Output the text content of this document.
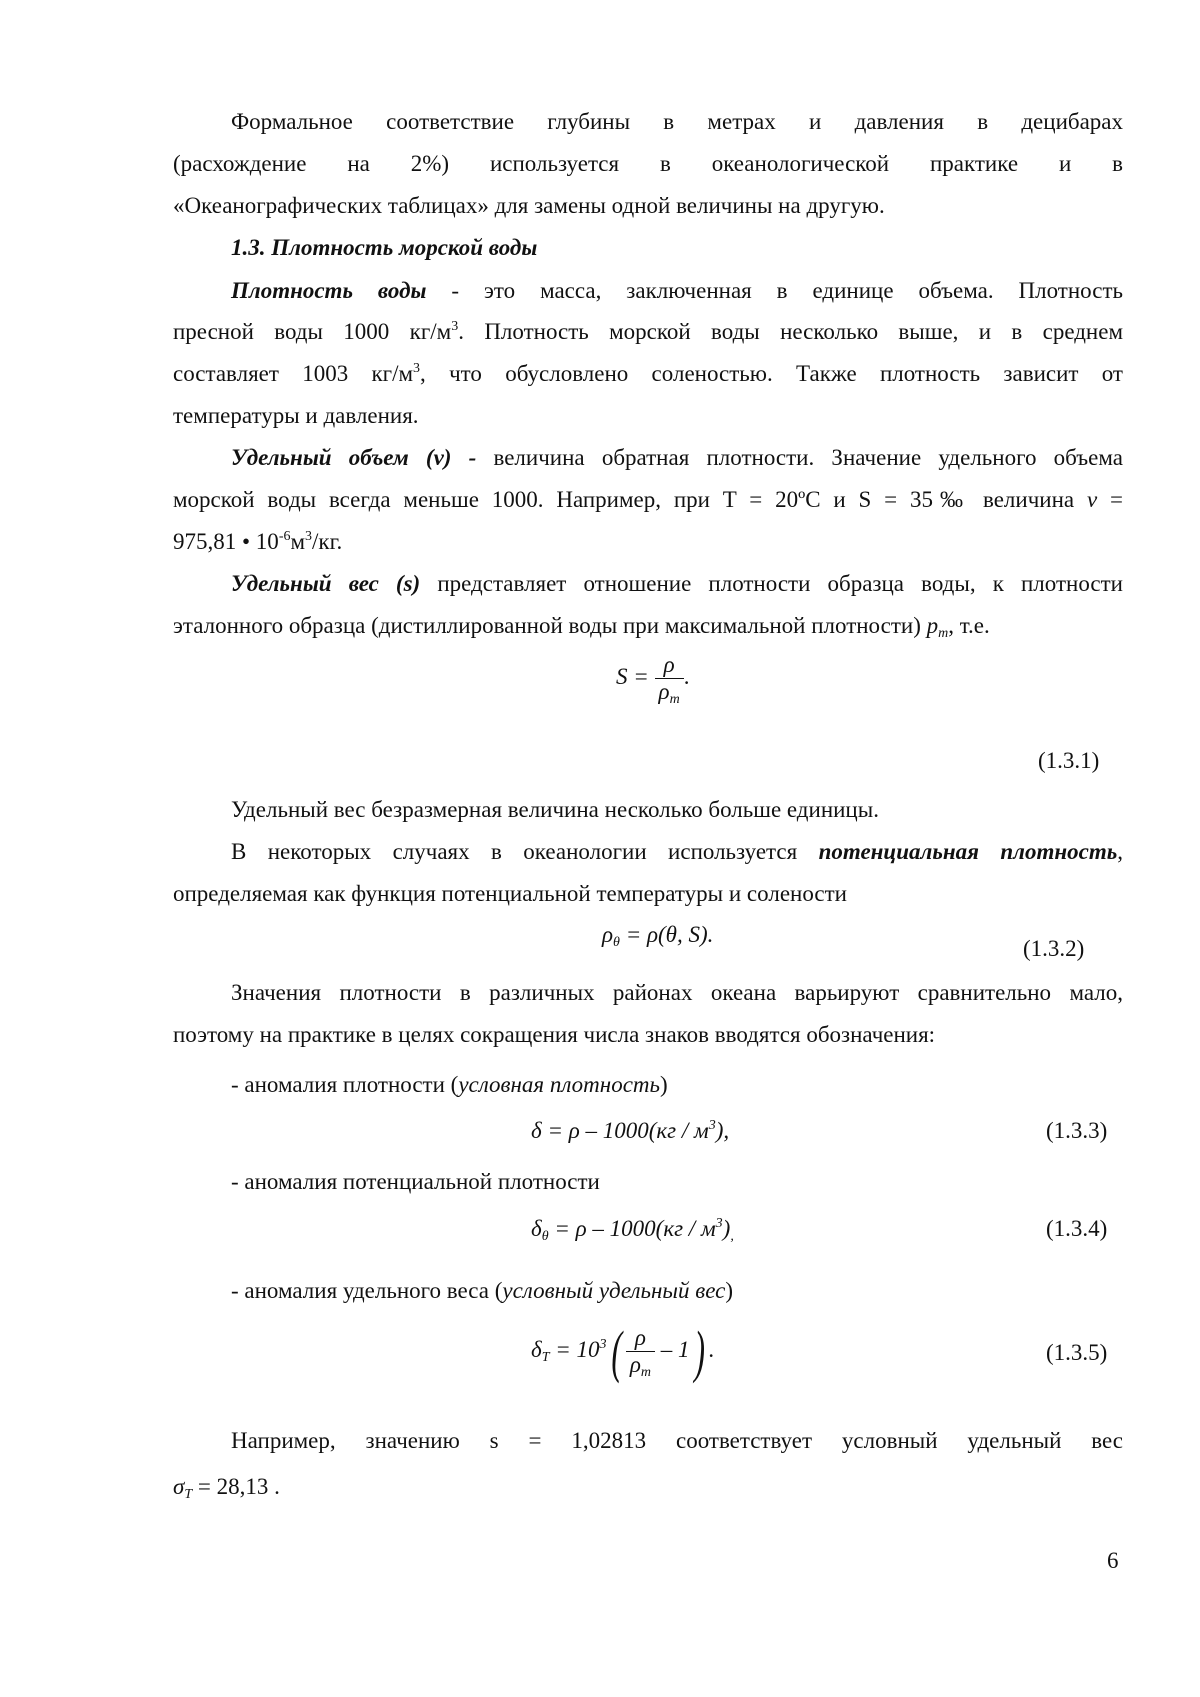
Формальное соответствие глубины в метрах и давления в децибарах
(расхождение на 2%) используется в океанологической практике и в
«Океанографических таблицах» для замены одной величины на другую.
1.3. Плотность морской воды
Плотность воды - это масса, заключенная в единице объема. Плотность
пресной воды 1000 кг/м3. Плотность морской воды несколько выше, и в среднем
составляет 1003 кг/м3, что обусловлено соленостью. Также плотность зависит от
температуры и давления.
Удельный объем (v) - величина обратная плотности. Значение удельного объема
морской воды всегда меньше 1000. Например, при T = 20ºС и S = 35‰ величина v =
975,81 • 10-6м3/кг.
Удельный вес (s) представляет отношение плотности образца воды, к плотности
эталонного образца (дистиллированной воды при максимальной плотности) pm, т.е.
S = ρ
ρm
.
(1.3.1)
Удельный вес безразмерная величина несколько больше единицы.
В некоторых случаях в океанологии используется потенциальная плотность,
определяемая как функция потенциальной температуры и солености
ρθ = ρ(θ, S).
(1.3.2)
Значения плотности в различных районах океана варьируют сравнительно мало,
поэтому на практике в целях сокращения числа знаков вводятся обозначения:
- аномалия плотности (условная плотность)
δ = ρ – 1000(кг / м3),	(1.3.3)
- аномалия потенциальной плотности
δθ = ρ – 1000(кг / м3),	(1.3.4)
- аномалия удельного веса (условный удельный вес)
δT = 103( ρ
ρm
– 1) .	(1.3.5)
Например, значению s = 1,02813 соответствует условный удельный вес
σT = 28,13 .
6
